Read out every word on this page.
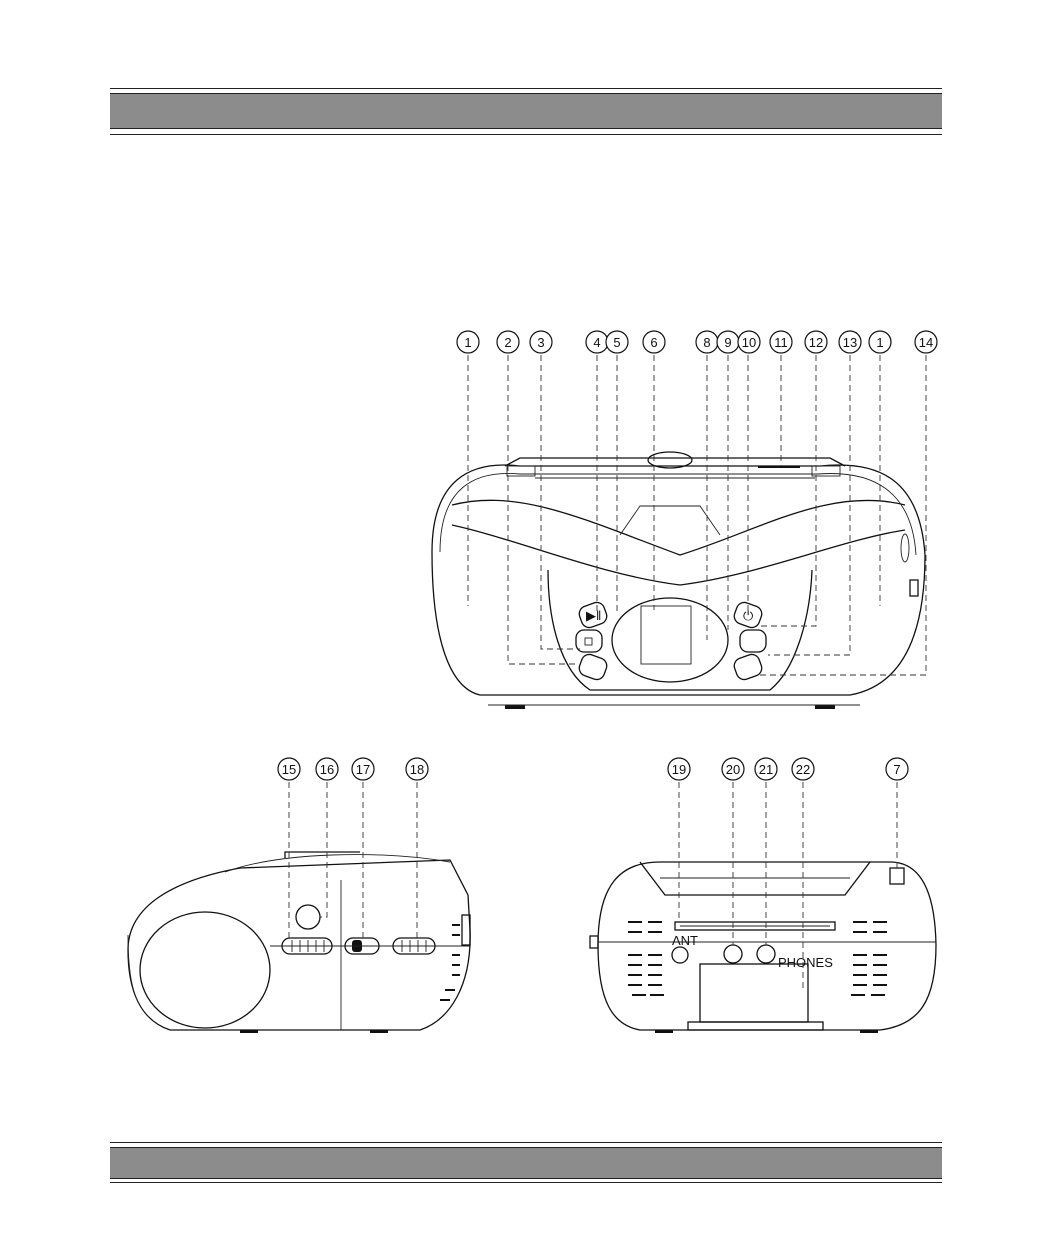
▶‖	⏻
1	2 3	4 5 6	8 9 10 11 12 13 1	14
15 16 17	18
ANT
PHONES
19	20 21 22	7
